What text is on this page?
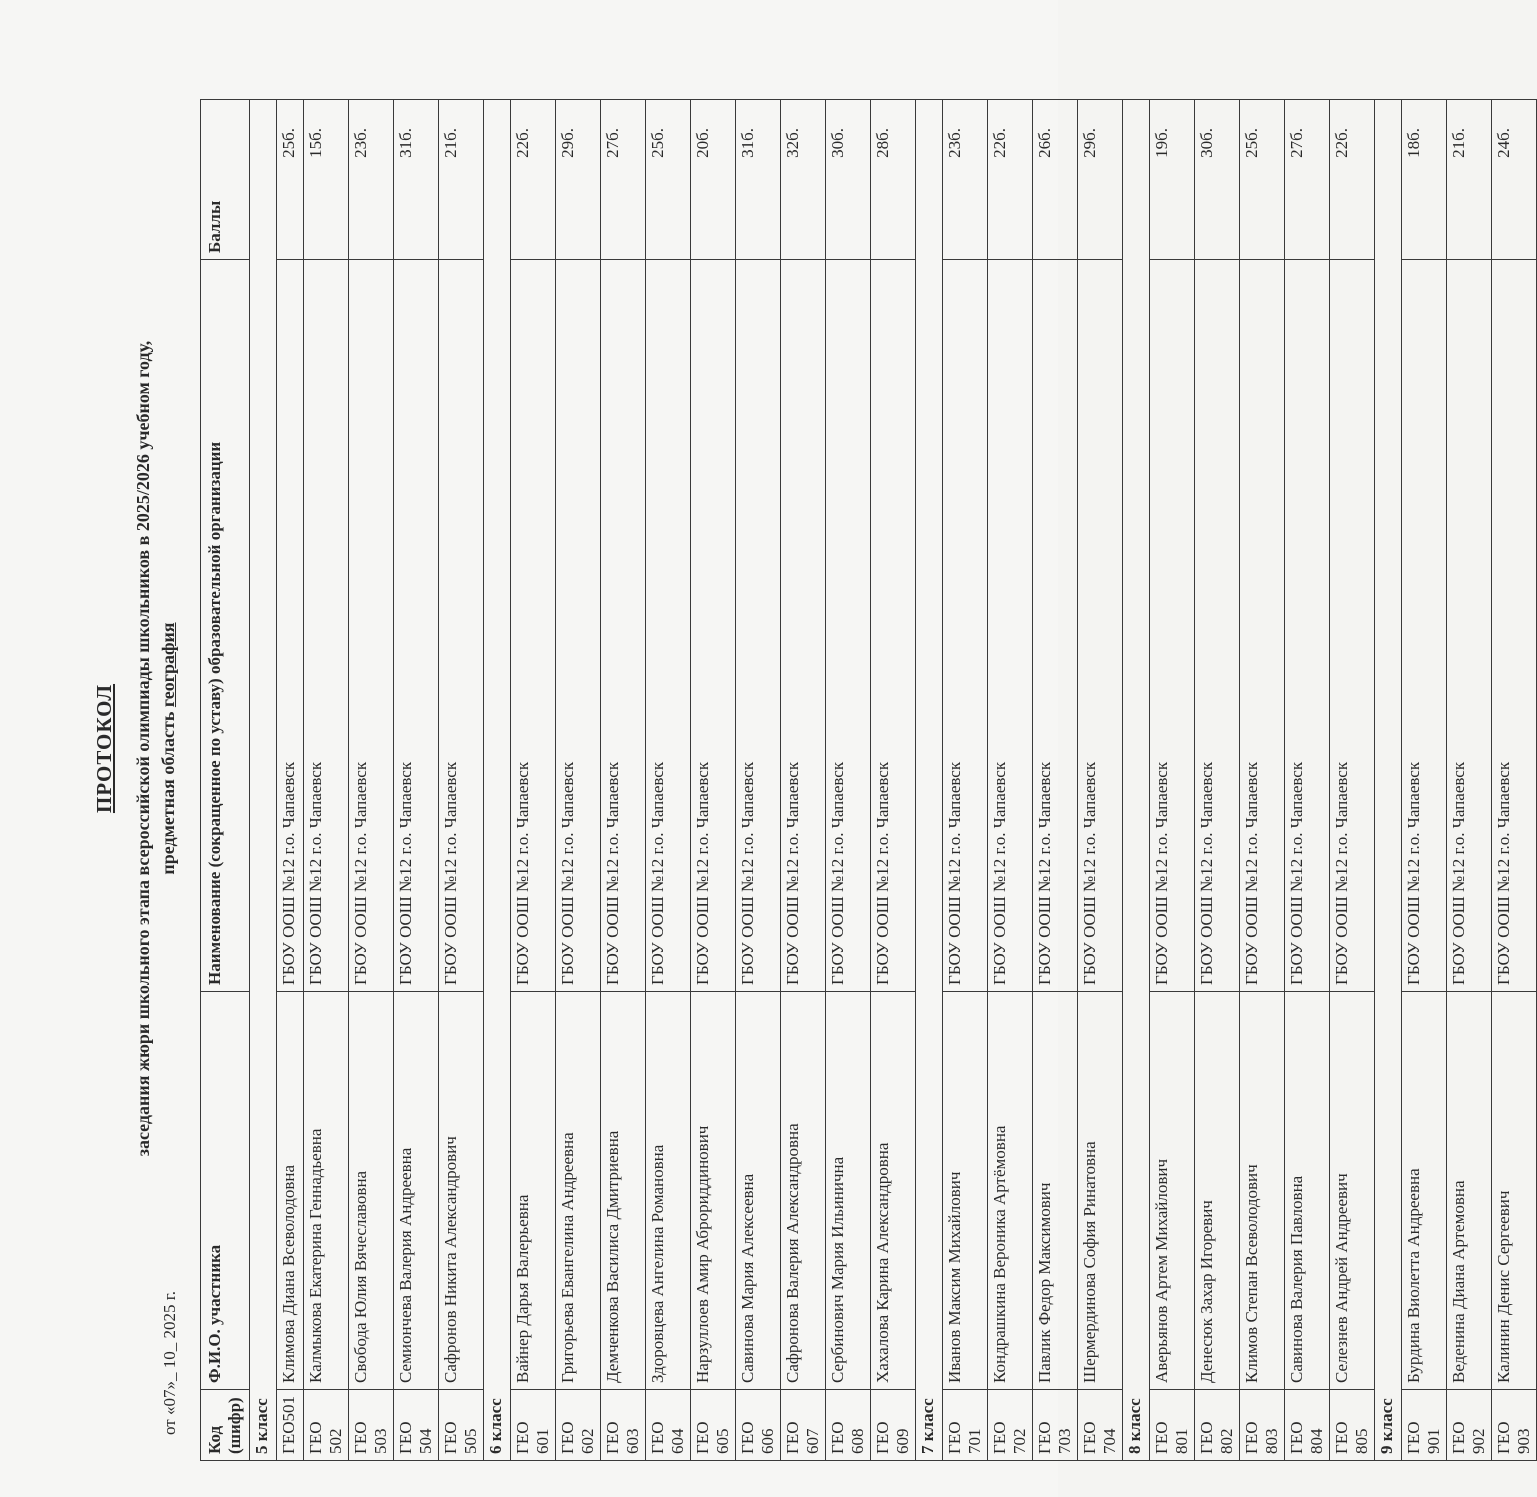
ПРОТОКОЛ заседания жюри школьного этапа всероссийской олимпиады школьников в 2025/2026 учебном году, предметная область география
от «07»_ 10_ 2025 г.
Код (шифр)	Ф.И.О. участника	Наименование (сокращенное по уставу) образовательной организации	Баллы
5 класс			
ГЕО501	Климова Диана Всеволодовна	ГБОУ ООШ №12 г.о. Чапаевск	25б.
ГЕО 502	Калмыкова Екатерина Геннадьевна	ГБОУ ООШ №12 г.о. Чапаевск	15б.
ГЕО 503	Свобода Юлия Вячеславовна	ГБОУ ООШ №12 г.о. Чапаевск	23б.
ГЕО 504	Семиончева Валерия Андреевна	ГБОУ ООШ №12 г.о. Чапаевск	31б.
ГЕО 505	Сафронов Никита Александрович	ГБОУ ООШ №12 г.о. Чапаевск	21б.
6 класс			
ГЕО 601	Вайнер Дарья Валерьевна	ГБОУ ООШ №12 г.о. Чапаевск	22б.
ГЕО 602	Григорьева Евангелина Андреевна	ГБОУ ООШ №12 г.о. Чапаевск	29б.
ГЕО 603	Демченкова Василиса Дмитриевна	ГБОУ ООШ №12 г.о. Чапаевск	27б.
ГЕО 604	Здоровцева Ангелина Романовна	ГБОУ ООШ №12 г.о. Чапаевск	25б.
ГЕО 605	Нарзуллоев Амир Аброриддинович	ГБОУ ООШ №12 г.о. Чапаевск	20б.
ГЕО 606	Савинова Мария Алексеевна	ГБОУ ООШ №12 г.о. Чапаевск	31б.
ГЕО 607	Сафронова Валерия Александровна	ГБОУ ООШ №12 г.о. Чапаевск	32б.
ГЕО 608	Сербинович Мария Ильинична	ГБОУ ООШ №12 г.о. Чапаевск	30б.
ГЕО 609	Хахалова Карина Александровна	ГБОУ ООШ №12 г.о. Чапаевск	28б.
7 класс			
ГЕО 701	Иванов Максим Михайлович	ГБОУ ООШ №12 г.о. Чапаевск	23б.
ГЕО 702	Кондрашкина Вероника Артёмовна	ГБОУ ООШ №12 г.о. Чапаевск	22б.
ГЕО 703	Павлик Федор Максимович	ГБОУ ООШ №12 г.о. Чапаевск	26б.
ГЕО 704	Шермердинова София Ринатовна	ГБОУ ООШ №12 г.о. Чапаевск	29б.
8 класс			
ГЕО 801	Аверьянов Артем Михайлович	ГБОУ ООШ №12 г.о. Чапаевск	19б.
ГЕО 802	Денесюк Захар Игоревич	ГБОУ ООШ №12 г.о. Чапаевск	30б.
ГЕО 803	Климов Степан Всеволодович	ГБОУ ООШ №12 г.о. Чапаевск	25б.
ГЕО 804	Савинова Валерия Павловна	ГБОУ ООШ №12 г.о. Чапаевск	27б.
ГЕО 805	Селезнев Андрей Андреевич	ГБОУ ООШ №12 г.о. Чапаевск	22б.
9 класс			
ГЕО 901	Бурдина Виолетта Андреевна	ГБОУ ООШ №12 г.о. Чапаевск	18б.
ГЕО 902	Веденина Диана Артемовна	ГБОУ ООШ №12 г.о. Чапаевск	21б.
ГЕО 903	Калинин Денис Сергеевич	ГБОУ ООШ №12 г.о. Чапаевск	24б.
